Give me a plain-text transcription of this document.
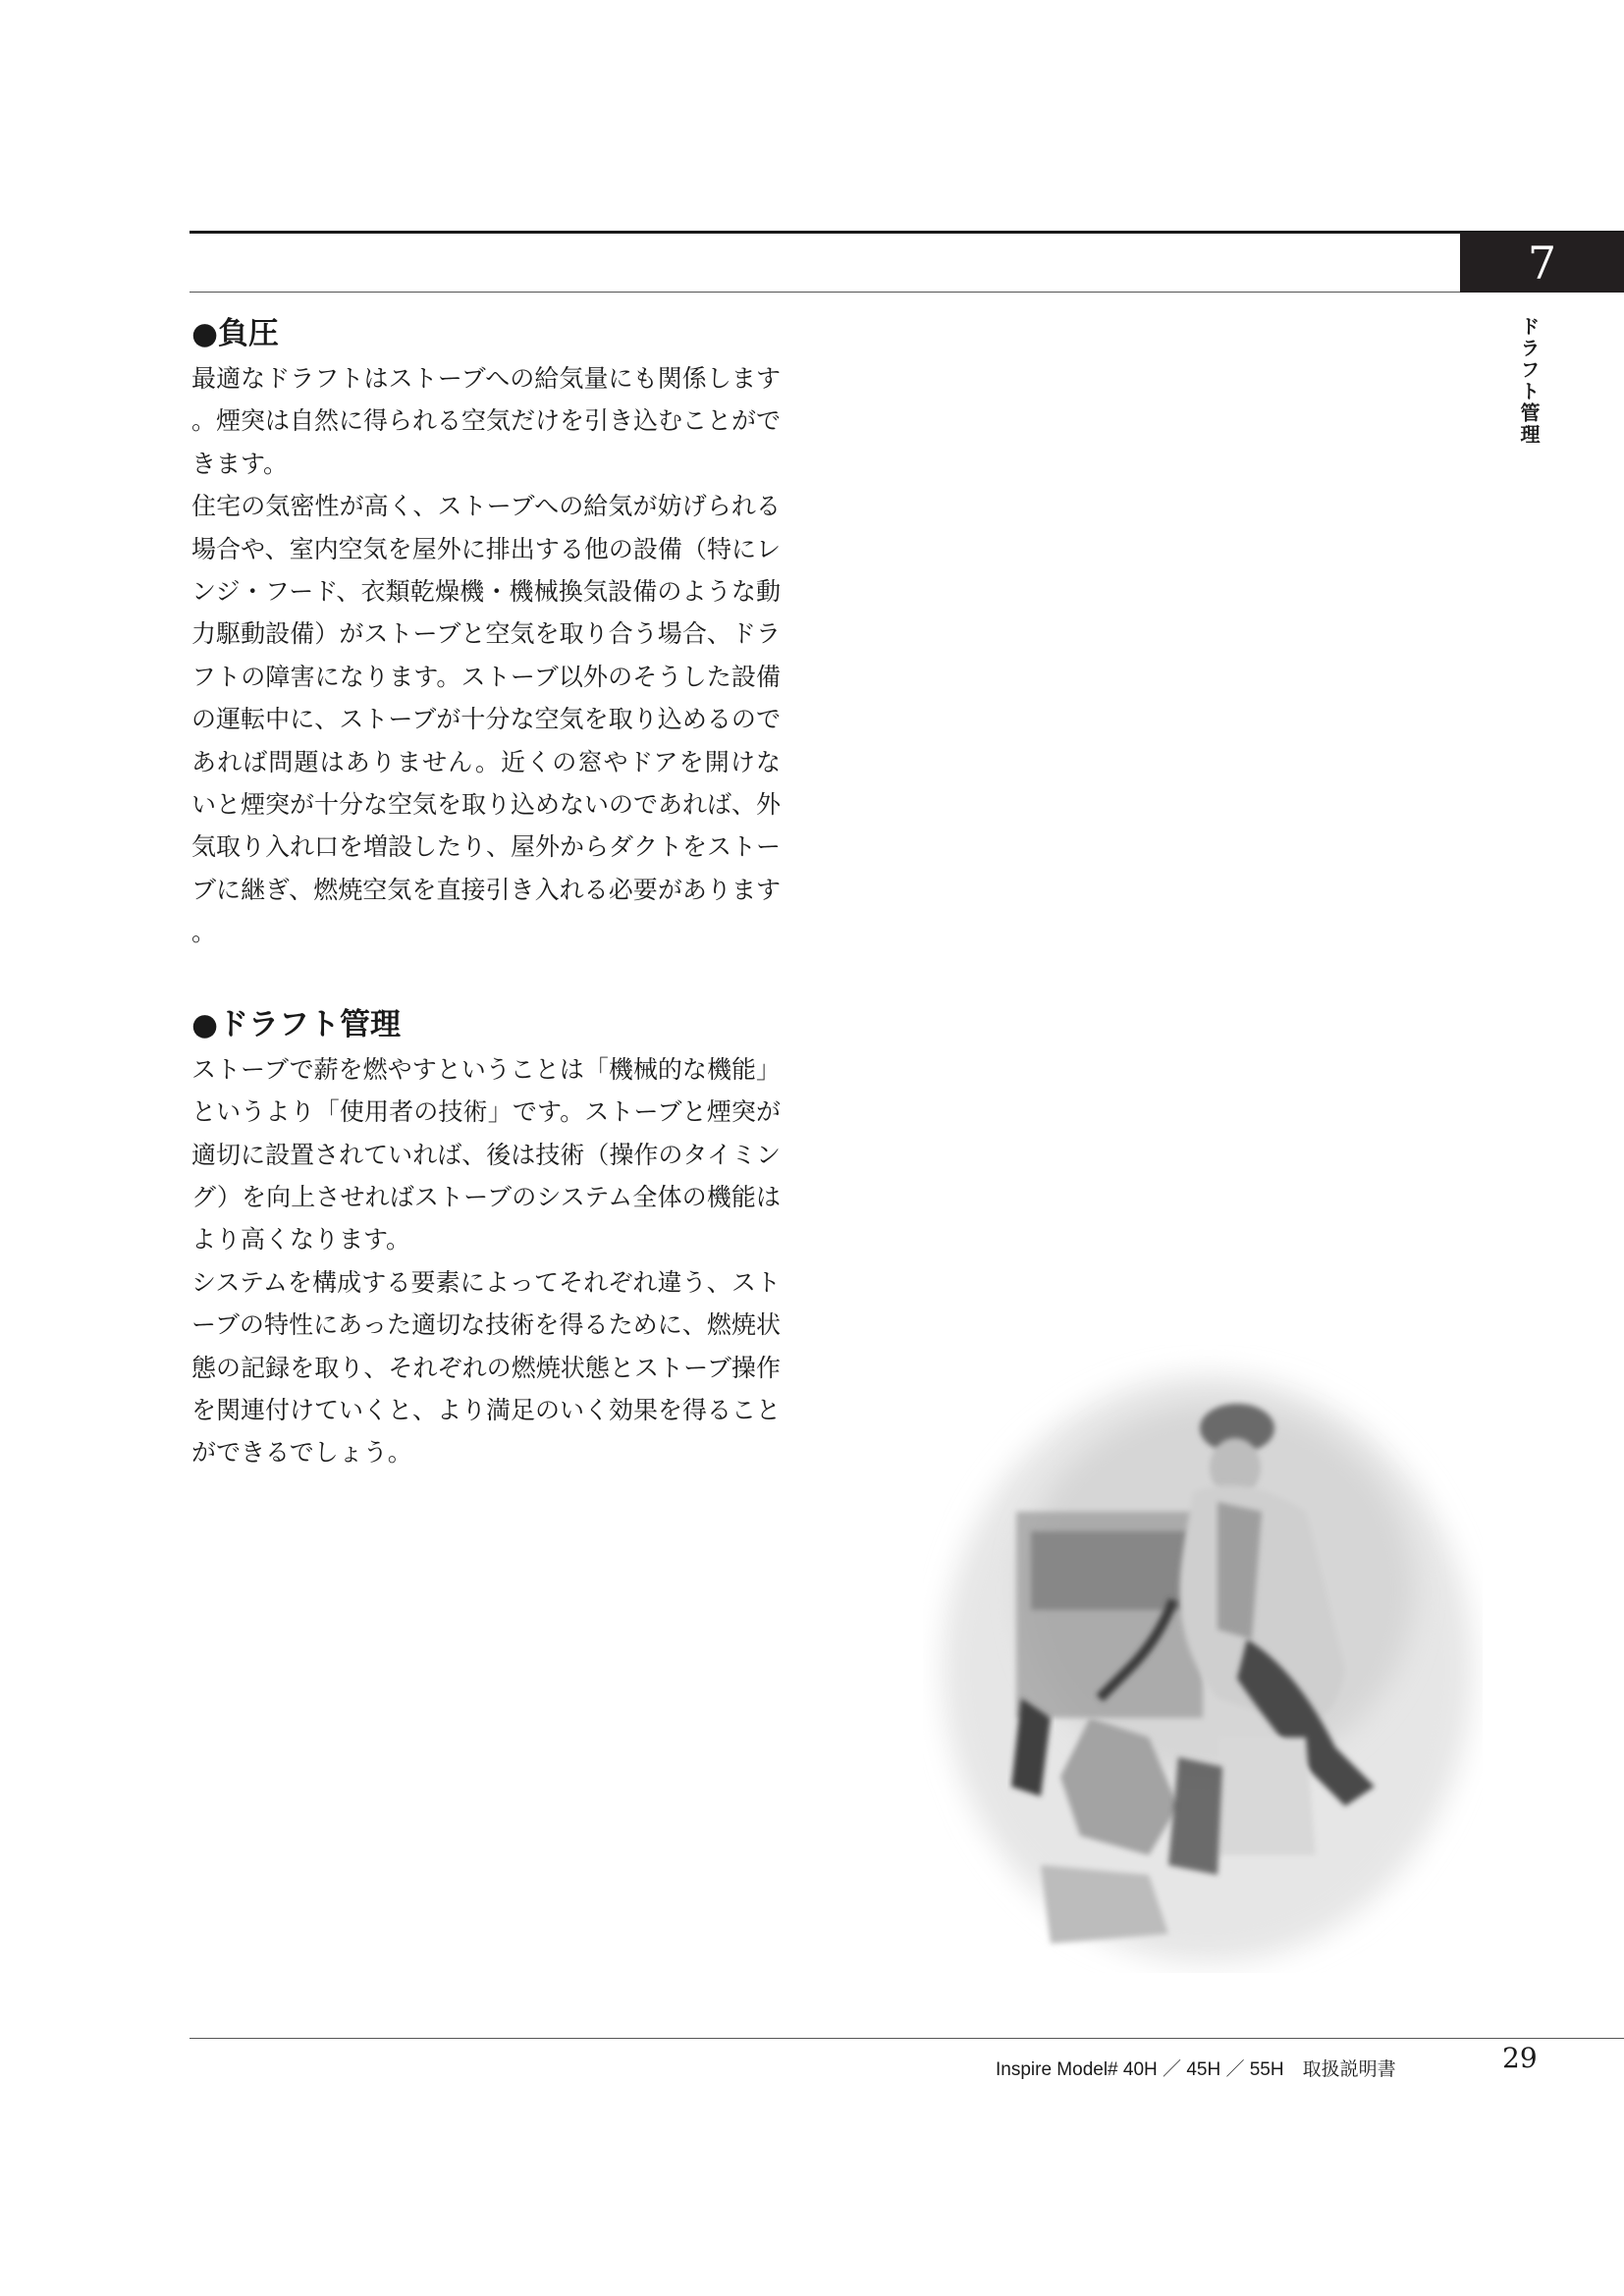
7
ドラフト管理
●負圧

最適なドラフトはストーブへの給気量にも関係します。煙突は自然に得られる空気だけを引き込むことができます。

住宅の気密性が高く、ストーブへの給気が妨げられる場合や、室内空気を屋外に排出する他の設備（特にレンジ・フード、衣類乾燥機・機械換気設備のような動力駆動設備）がストーブと空気を取り合う場合、ドラフトの障害になります。ストーブ以外のそうした設備の運転中に、ストーブが十分な空気を取り込めるのであれば問題はありません。近くの窓やドアを開けないと煙突が十分な空気を取り込めないのであれば、外気取り入れ口を増設したり、屋外からダクトをストーブに継ぎ、燃焼空気を直接引き入れる必要があります。

●ドラフト管理

ストーブで薪を燃やすということは「機械的な機能」というより「使用者の技術」です。ストーブと煙突が適切に設置されていれば、後は技術（操作のタイミング）を向上させればストーブのシステム全体の機能はより高くなります。

システムを構成する要素によってそれぞれ違う、ストーブの特性にあった適切な技術を得るために、燃焼状態の記録を取り、それぞれの燃焼状態とストーブ操作を関連付けていくと、より満足のいく効果を得ることができるでしょう。

Inspire Model# 40H ／ 45H ／ 55H　取扱説明書	29
